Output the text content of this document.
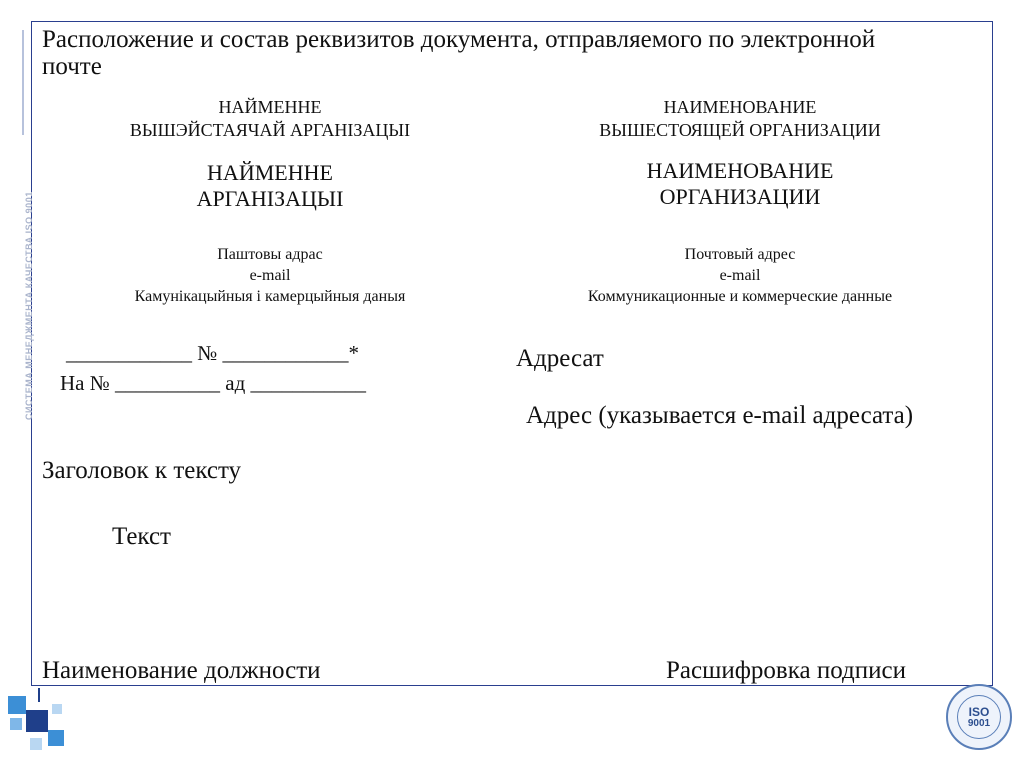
СИСТЕМА МЕНЕДЖМЕНТА КАЧЕСТВА ISO 9001
Расположение и состав реквизитов документа, отправляемого по электронной почте
НАЙМЕННЕ
ВЫШЭЙСТАЯЧАЙ АРГАНІЗАЦЫІ
НАЙМЕННЕ
АРГАНІЗАЦЫІ
Паштовы адрас
e-mail
Камунікацыйныя і камерцыйныя даныя
____________ № ____________*
На № __________ ад ___________
НАИМЕНОВАНИЕ
ВЫШЕСТОЯЩЕЙ ОРГАНИЗАЦИИ
НАИМЕНОВАНИЕ
ОРГАНИЗАЦИИ
Почтовый адрес
e-mail
Коммуникационные и коммерческие данные
Адресат
Адрес (указывается e-mail адресата)
Заголовок к тексту
Текст
Наименование должности	Расшифровка подписи
ISO
9001
